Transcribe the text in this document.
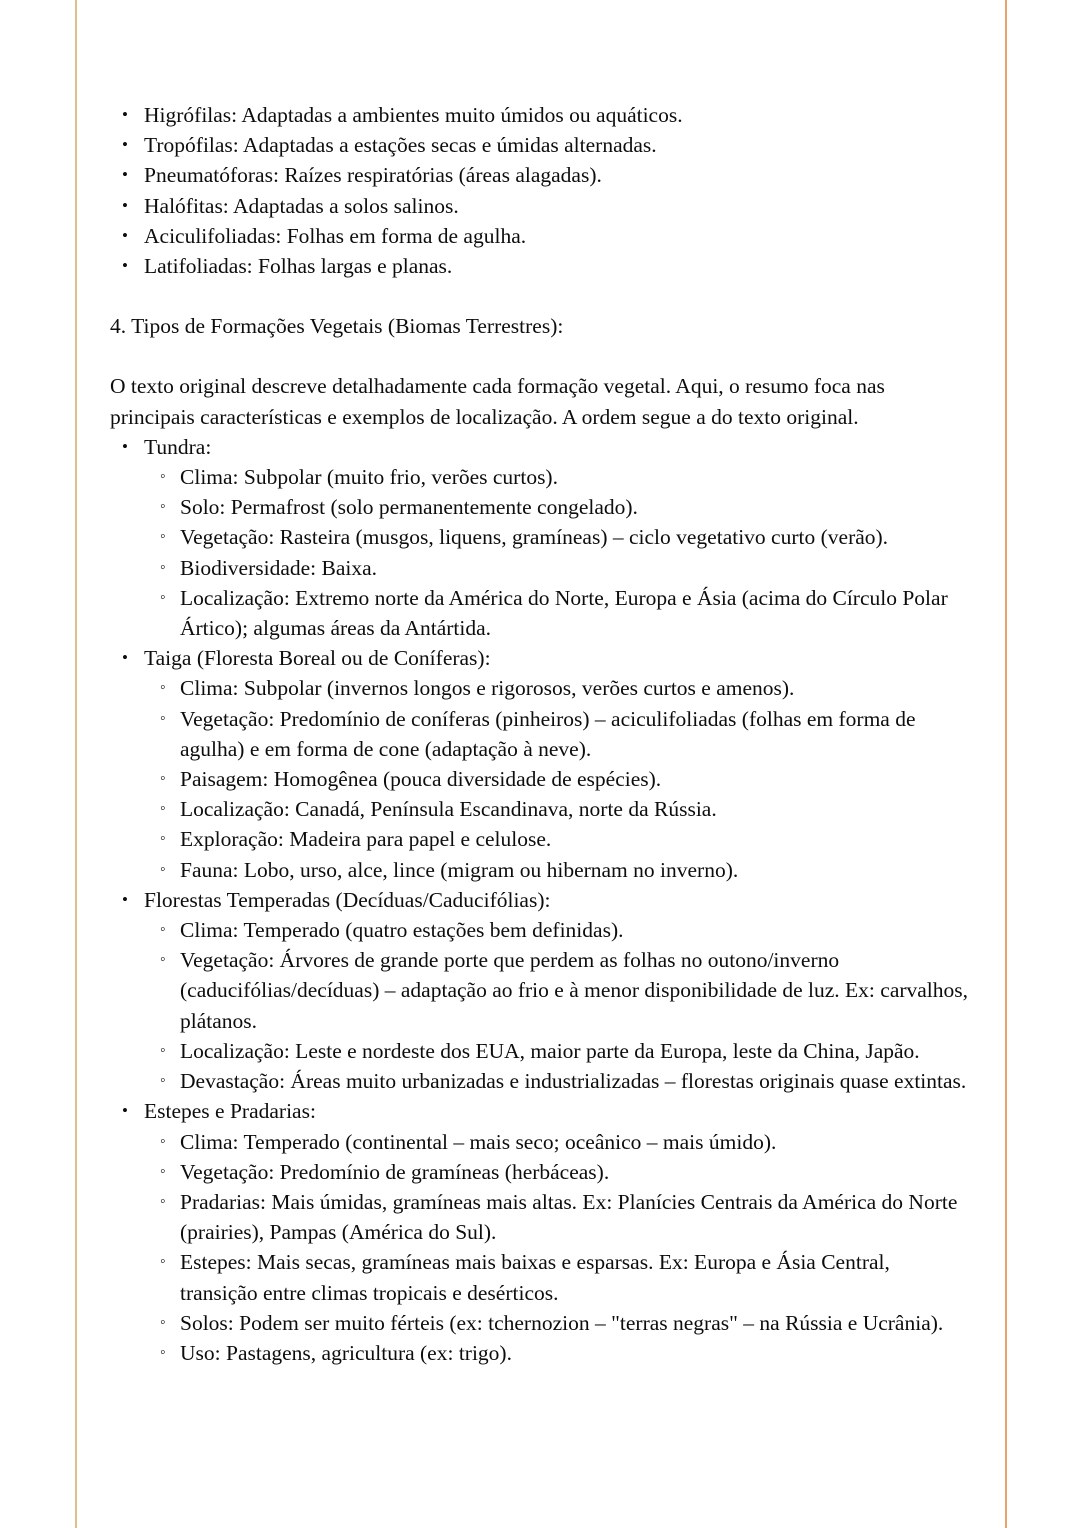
• Higrófilas: Adaptadas a ambientes muito úmidos ou aquáticos.
• Tropófilas: Adaptadas a estações secas e úmidas alternadas.
• Pneumatóforas: Raízes respiratórias (áreas alagadas).
• Halófitas: Adaptadas a solos salinos.
• Aciculifoliadas: Folhas em forma de agulha.
• Latifoliadas: Folhas largas e planas.

4. Tipos de Formações Vegetais (Biomas Terrestres):

O texto original descreve detalhadamente cada formação vegetal. Aqui, o resumo foca nas principais características e exemplos de localização. A ordem segue a do texto original.

• Tundra:
◦ Clima: Subpolar (muito frio, verões curtos).
◦ Solo: Permafrost (solo permanentemente congelado).
◦ Vegetação: Rasteira (musgos, liquens, gramíneas) – ciclo vegetativo curto (verão).
◦ Biodiversidade: Baixa.
◦ Localização: Extremo norte da América do Norte, Europa e Ásia (acima do Círculo Polar Ártico); algumas áreas da Antártida.
• Taiga (Floresta Boreal ou de Coníferas):
◦ Clima: Subpolar (invernos longos e rigorosos, verões curtos e amenos).
◦ Vegetação: Predomínio de coníferas (pinheiros) – aciculifoliadas (folhas em forma de agulha) e em forma de cone (adaptação à neve).
◦ Paisagem: Homogênea (pouca diversidade de espécies).
◦ Localização: Canadá, Península Escandinava, norte da Rússia.
◦ Exploração: Madeira para papel e celulose.
◦ Fauna: Lobo, urso, alce, lince (migram ou hibernam no inverno).
• Florestas Temperadas (Decíduas/Caducifólias):
◦ Clima: Temperado (quatro estações bem definidas).
◦ Vegetação: Árvores de grande porte que perdem as folhas no outono/inverno (caducifólias/decíduas) – adaptação ao frio e à menor disponibilidade de luz. Ex: carvalhos, plátanos.
◦ Localização: Leste e nordeste dos EUA, maior parte da Europa, leste da China, Japão.
◦ Devastação: Áreas muito urbanizadas e industrializadas – florestas originais quase extintas.
• Estepes e Pradarias:
◦ Clima: Temperado (continental – mais seco; oceânico – mais úmido).
◦ Vegetação: Predomínio de gramíneas (herbáceas).
◦ Pradarias: Mais úmidas, gramíneas mais altas. Ex: Planícies Centrais da América do Norte (prairies), Pampas (América do Sul).
◦ Estepes: Mais secas, gramíneas mais baixas e esparsas. Ex: Europa e Ásia Central, transição entre climas tropicais e desérticos.
◦ Solos: Podem ser muito férteis (ex: tchernozion – "terras negras" – na Rússia e Ucrânia).
◦ Uso: Pastagens, agricultura (ex: trigo).
